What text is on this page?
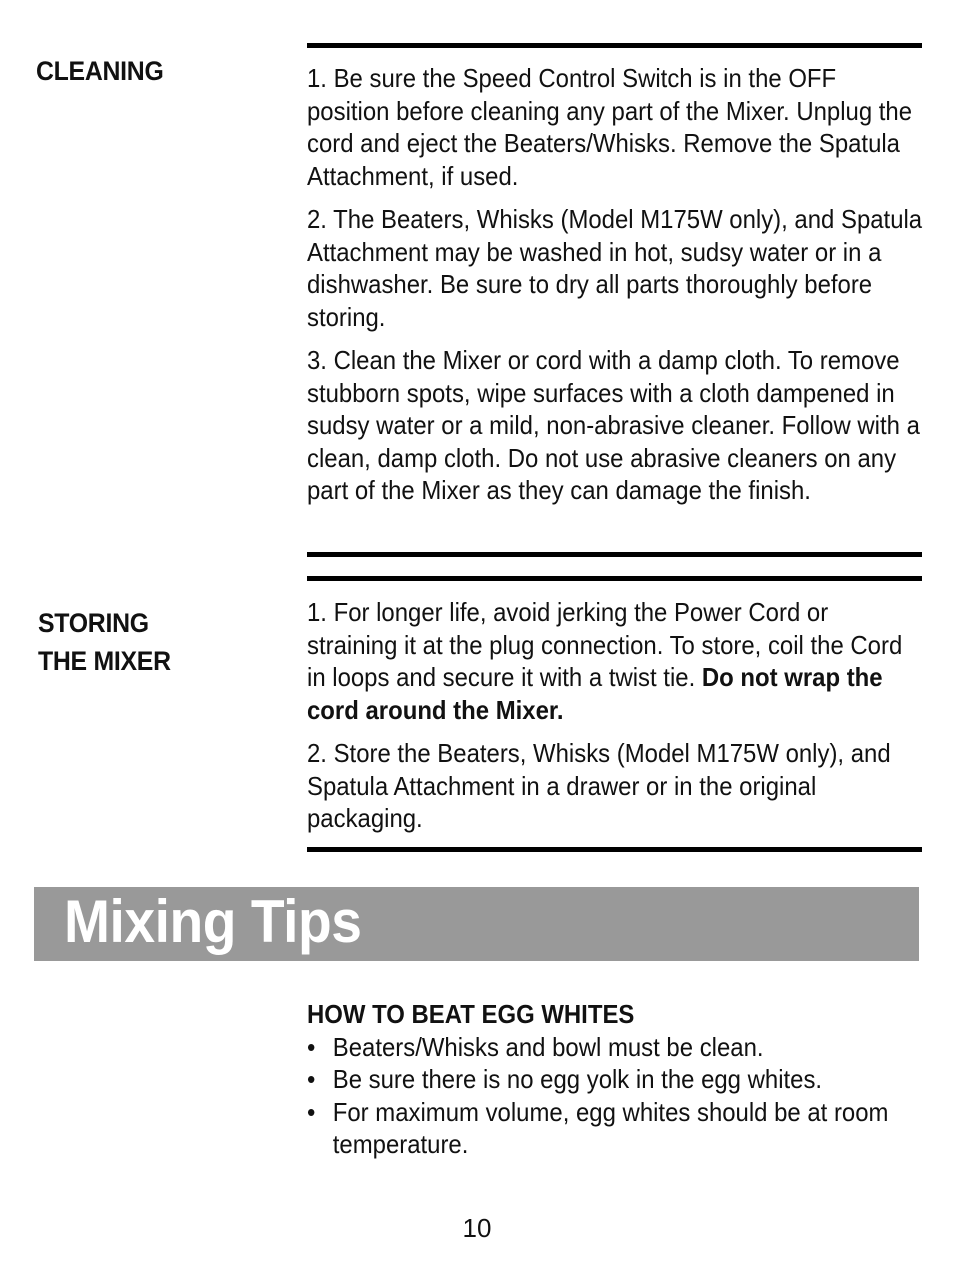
CLEANING	1. Be sure the Speed Control Switch is in the OFF position before cleaning any part of the Mixer. Unplug the cord and eject the Beaters/Whisks. Remove the Spatula Attachment, if used.

2. The Beaters, Whisks (Model M175W only), and Spatula Attachment may be washed in hot, sudsy water or in a dishwasher. Be sure to dry all parts thoroughly before storing.

3. Clean the Mixer or cord with a damp cloth. To remove stubborn spots, wipe surfaces with a cloth dampened in sudsy water or a mild, non-abrasive cleaner. Follow with a clean, damp cloth. Do not use abrasive cleaners on any part of the Mixer as they can damage the finish.

STORING
THE MIXER

1. For longer life, avoid jerking the Power Cord or straining it at the plug connection. To store, coil the Cord in loops and secure it with a twist tie. Do not wrap the cord around the Mixer.

2. Store the Beaters, Whisks (Model M175W only), and Spatula Attachment in a drawer or in the original packaging.

Mixing Tips

HOW TO BEAT EGG WHITES

• Beaters/Whisks and bowl must be clean.
• Be sure there is no egg yolk in the egg whites.
• For maximum volume, egg whites should be at room temperature.
10
